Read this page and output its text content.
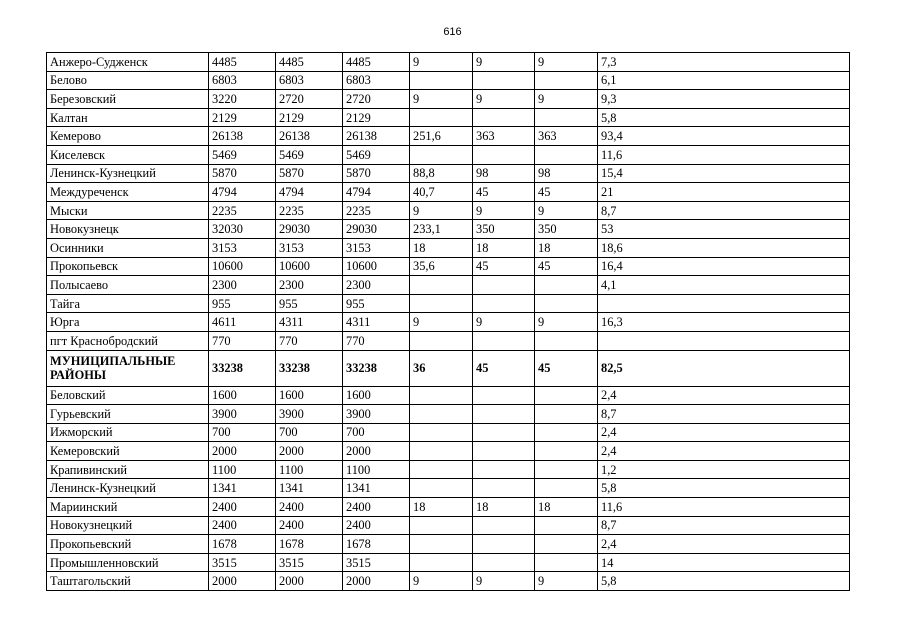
616
Анжеро-Судженск	4485	4485	4485	9	9	9	7,3
Белово	6803	6803	6803				6,1
Березовский	3220	2720	2720	9	9	9	9,3
Калтан	2129	2129	2129				5,8
Кемерово	26138	26138	26138	251,6	363	363	93,4
Киселевск	5469	5469	5469				11,6
Ленинск-Кузнецкий	5870	5870	5870	88,8	98	98	15,4
Междуреченск	4794	4794	4794	40,7	45	45	21
Мыски	2235	2235	2235	9	9	9	8,7
Новокузнецк	32030	29030	29030	233,1	350	350	53
Осинники	3153	3153	3153	18	18	18	18,6
Прокопьевск	10600	10600	10600	35,6	45	45	16,4
Полысаево	2300	2300	2300				4,1
Тайга	955	955	955				
Юрга	4611	4311	4311	9	9	9	16,3
пгт Краснобродский	770	770	770				
МУНИЦИПАЛЬНЫЕ РАЙОНЫ	33238	33238	33238	36	45	45	82,5
Беловский	1600	1600	1600				2,4
Гурьевский	3900	3900	3900				8,7
Ижморский	700	700	700				2,4
Кемеровский	2000	2000	2000				2,4
Крапивинский	1100	1100	1100				1,2
Ленинск-Кузнецкий	1341	1341	1341				5,8
Мариинский	2400	2400	2400	18	18	18	11,6
Новокузнецкий	2400	2400	2400				8,7
Прокопьевский	1678	1678	1678				2,4
Промышленновский	3515	3515	3515				14
Таштагольский	2000	2000	2000	9	9	9	5,8
